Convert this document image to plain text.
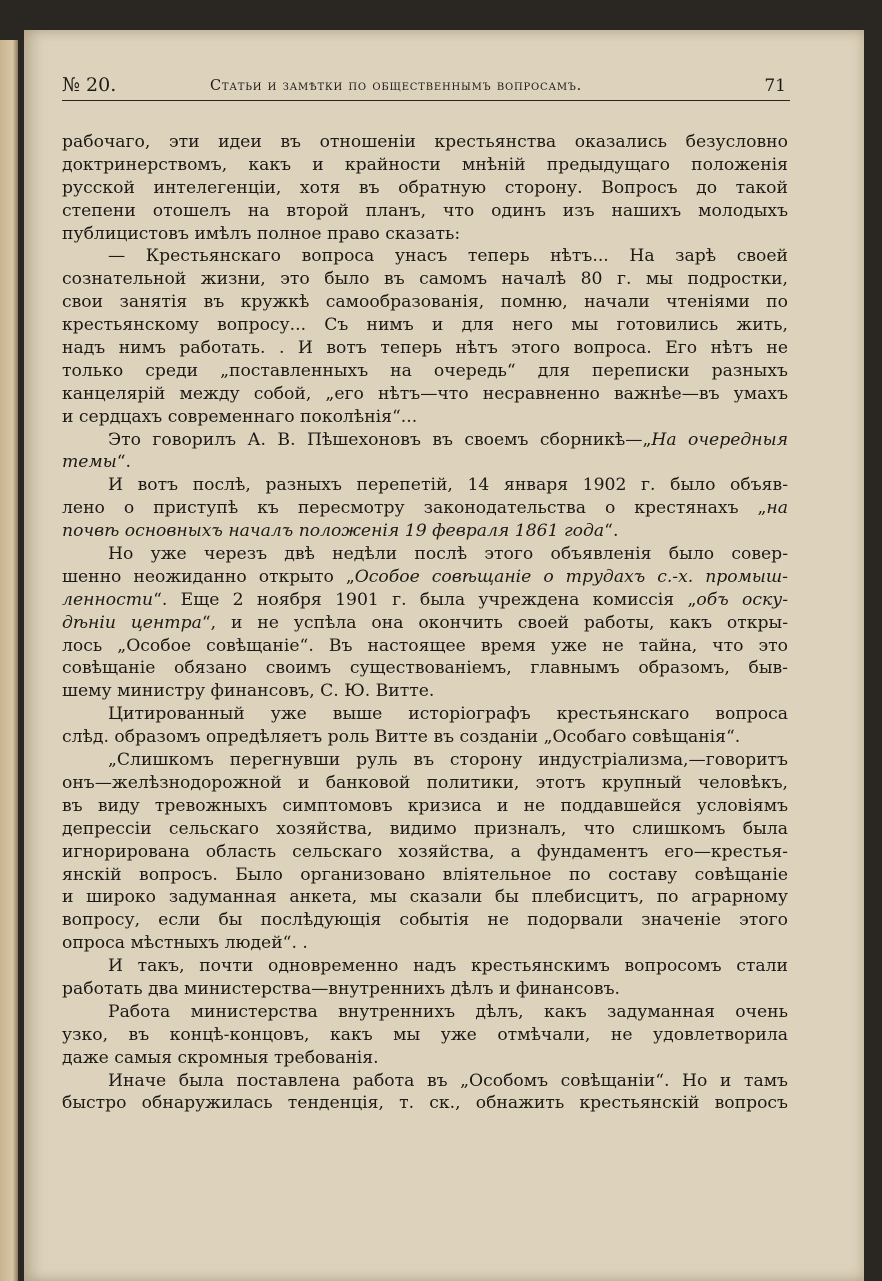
№ 20.	Статьи и замѣтки по общественнымъ вопросамъ.	71
рабочаго, эти идеи въ отношеніи крестьянства оказались безусловно
доктринерствомъ, какъ и крайности мнѣній предыдущаго положенія
русской интелегенціи, хотя въ обратную сторону. Вопросъ до такой
степени отошелъ на второй планъ, что одинъ изъ нашихъ молодыхъ
публицистовъ имѣлъ полное право сказать:
— Крестьянскаго вопроса унасъ теперь нѣтъ... На зарѣ своей
сознательной жизни, это было въ самомъ началѣ 80 г. мы подростки,
свои занятія въ кружкѣ самообразованія, помню, начали чтеніями по
крестьянскому вопросу... Съ нимъ и для него мы готовились жить,
надъ нимъ работать. . И вотъ теперь нѣтъ этого вопроса. Его нѣтъ не
только среди „поставленныхъ на очередь“ для переписки разныхъ
канцелярій между собой, „его нѣтъ—что несравненно важнѣе—въ умахъ
и сердцахъ современнаго поколѣнія“...
Это говорилъ А. В. Пѣшехоновъ въ своемъ сборникѣ—„На очередныя
темы“.
И вотъ послѣ, разныхъ перепетій, 14 января 1902 г. было объяв-
лено о приступѣ къ пересмотру законодательства о крестянахъ „на
почвѣ основныхъ началъ положенія 19 февраля 1861 года“.
Но уже черезъ двѣ недѣли послѣ этого объявленія было совер-
шенно неожиданно открыто „Особое совѣщаніе о трудахъ с.-х. промыш-
ленности“. Еще 2 ноября 1901 г. была учреждена комиссія „объ оску-
дѣніи центра“, и не успѣла она окончить своей работы, какъ откры-
лось „Особое совѣщаніе“. Въ настоящее время уже не тайна, что это
совѣщаніе обязано своимъ существованіемъ, главнымъ образомъ, быв-
шему министру финансовъ, С. Ю. Витте.
Цитированный уже выше исторіографъ крестьянскаго вопроса
слѣд. образомъ опредѣляетъ роль Витте въ созданіи „Особаго совѣщанія“.
„Слишкомъ перегнувши руль въ сторону индустріализма,—говоритъ
онъ—желѣзнодорожной и банковой политики, этотъ крупный человѣкъ,
въ виду тревожныхъ симптомовъ кризиса и не поддавшейся условіямъ
депрессіи сельскаго хозяйства, видимо призналъ, что слишкомъ была
игнорирована область сельскаго хозяйства, а фундаментъ его—крестья-
янскій вопросъ. Было организовано вліятельное по составу совѣщаніе
и широко задуманная анкета, мы сказали бы плебисцитъ, по аграрному
вопросу, если бы послѣдующія событія не подорвали значеніе этого
опроса мѣстныхъ людей“. .
И такъ, почти одновременно надъ крестьянскимъ вопросомъ стали
работать два министерства—внутреннихъ дѣлъ и финансовъ.
Работа министерства внутреннихъ дѣлъ, какъ задуманная очень
узко, въ концѣ-концовъ, какъ мы уже отмѣчали, не удовлетворила
даже самыя скромныя требованія.
Иначе была поставлена работа въ „Особомъ совѣщаніи“. Но и тамъ
быстро обнаружилась тенденція, т. ск., обнажить крестьянскій вопросъ
